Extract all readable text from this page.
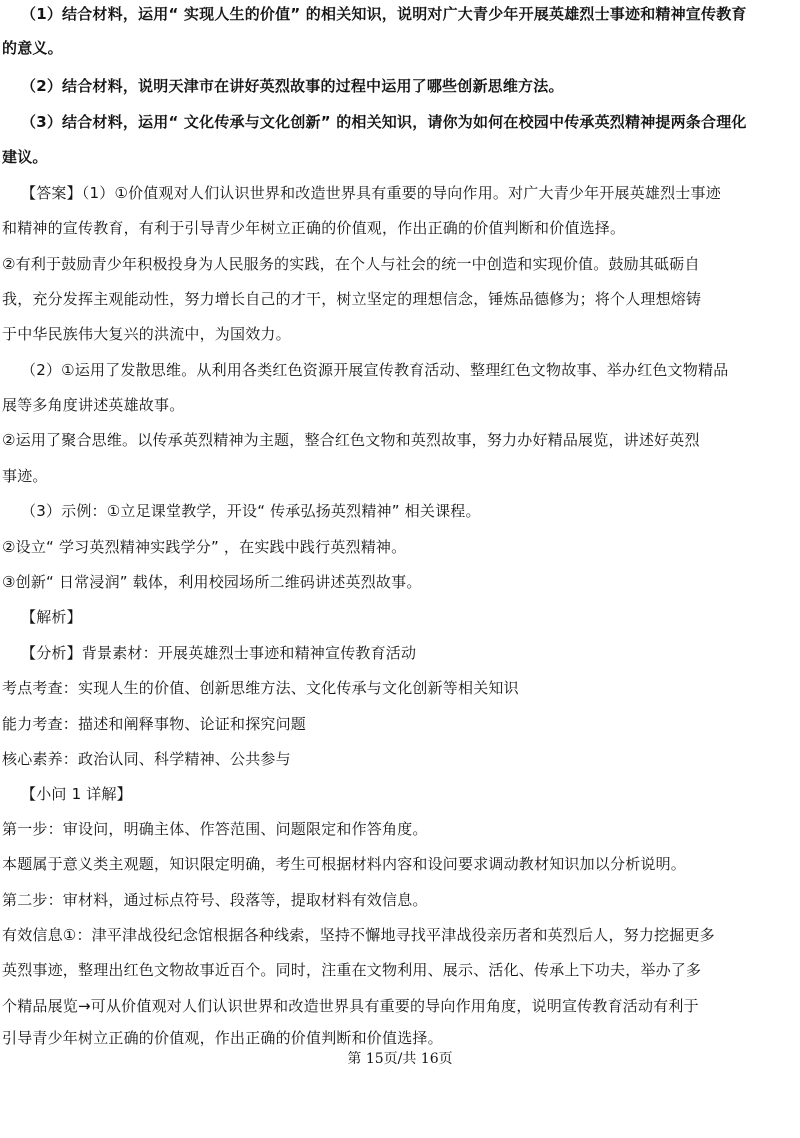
（1）结合材料，运用“ 实现人生的价值” 的相关知识，说明对广大青少年开展英雄烈士事迹和精神宣传教育
的意义。
（2）结合材料，说明天津市在讲好英烈故事的过程中运用了哪些创新思维方法。
（3）结合材料，运用“ 文化传承与文化创新” 的相关知识，请你为如何在校园中传承英烈精神提两条合理化
建议。
【答案】（1）①价值观对人们认识世界和改造世界具有重要的导向作用。对广大青少年开展英雄烈士事迹
和精神的宣传教育，有利于引导青少年树立正确的价值观，作出正确的价值判断和价值选择。
②有利于鼓励青少年积极投身为人民服务的实践，在个人与社会的统一中创造和实现价值。鼓励其砥砺自
我，充分发挥主观能动性，努力增长自己的才干，树立坚定的理想信念，锤炼品德修为；将个人理想熔铸
于中华民族伟大复兴的洪流中，为国效力。
（2）①运用了发散思维。从利用各类红色资源开展宣传教育活动、整理红色文物故事、举办红色文物精品
展等多角度讲述英雄故事。
②运用了聚合思维。以传承英烈精神为主题，整合红色文物和英烈故事，努力办好精品展览，讲述好英烈
事迹。
（3）示例：①立足课堂教学，开设“ 传承弘扬英烈精神” 相关课程。
②设立“ 学习英烈精神实践学分” ，在实践中践行英烈精神。
③创新“ 日常浸润” 载体，利用校园场所二维码讲述英烈故事。
【解析】
【分析】背景素材：开展英雄烈士事迹和精神宣传教育活动
考点考查：实现人生的价值、创新思维方法、文化传承与文化创新等相关知识
能力考查：描述和阐释事物、论证和探究问题
核心素养：政治认同、科学精神、公共参与
【小问 1 详解】
第一步：审设问，明确主体、作答范围、问题限定和作答角度。
本题属于意义类主观题，知识限定明确，考生可根据材料内容和设问要求调动教材知识加以分析说明。
第二步：审材料，通过标点符号、段落等，提取材料有效信息。
有效信息①：津平津战役纪念馆根据各种线索，坚持不懈地寻找平津战役亲历者和英烈后人，努力挖掘更多
英烈事迹，整理出红色文物故事近百个。同时，注重在文物利用、展示、活化、传承上下功夫，举办了多
个精品展览→可从价值观对人们认识世界和改造世界具有重要的导向作用角度，说明宣传教育活动有利于
引导青少年树立正确的价值观，作出正确的价值判断和价值选择。
第 15页/共 16页
